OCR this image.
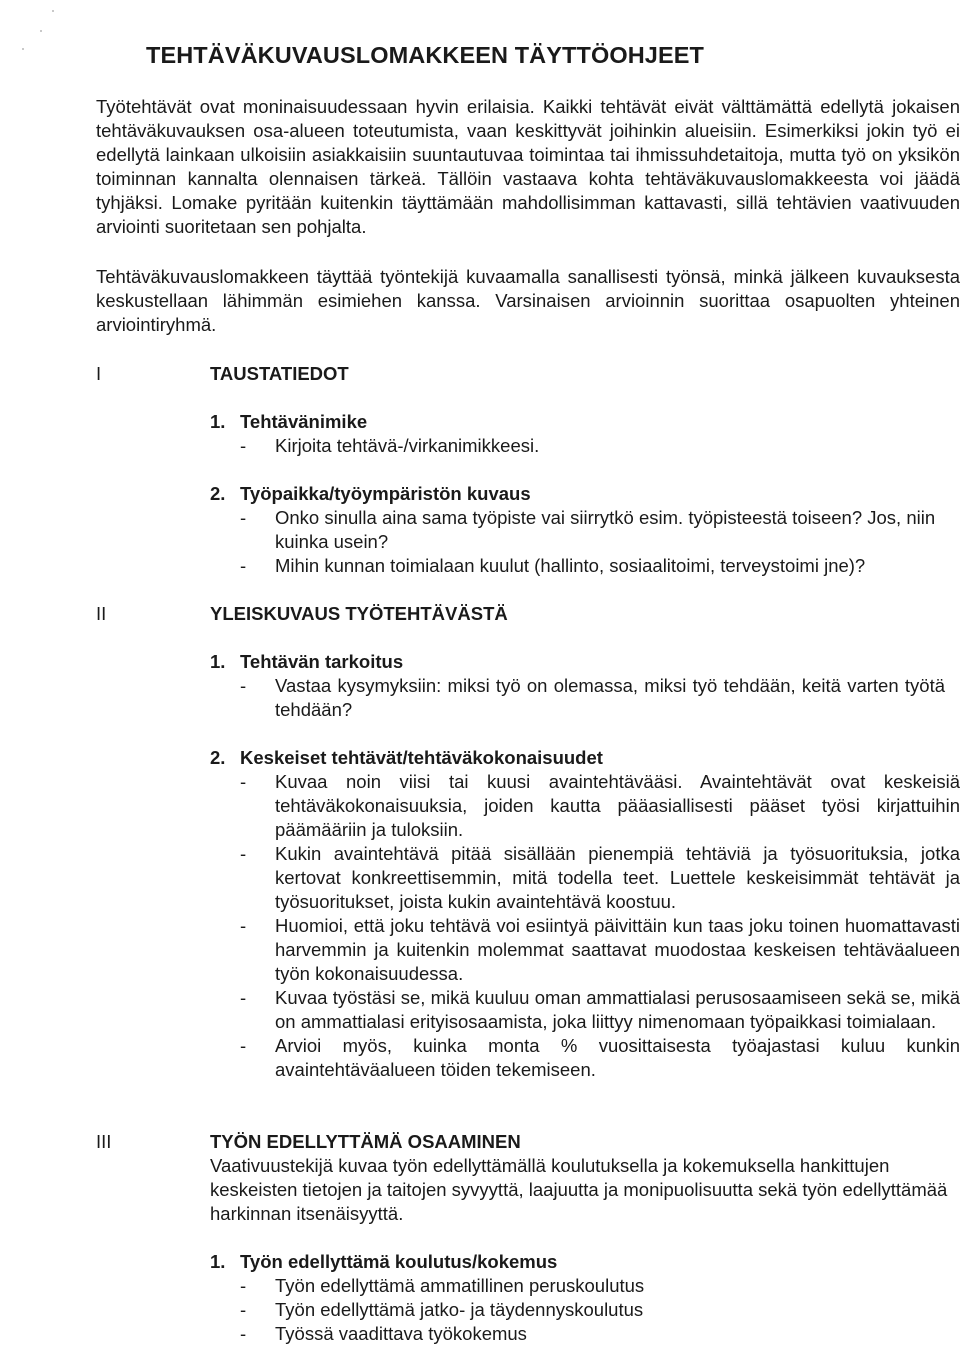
TEHTÄVÄKUVAUSLOMAKKEEN TÄYTTÖOHJEET

Työtehtävät ovat moninaisuudessaan hyvin erilaisia. Kaikki tehtävät eivät välttämättä edellytä jokaisen tehtäväkuvauksen osa-alueen toteutumista, vaan keskittyvät joihinkin alueisiin. Esimerkiksi jokin työ ei edellytä lainkaan ulkoisiin asiakkaisiin suuntautuvaa toimintaa tai ihmissuhdetaitoja, mutta työ on yksikön toiminnan kannalta olennaisen tärkeä. Tällöin vastaava kohta tehtäväkuvauslomakkeesta voi jäädä tyhjäksi. Lomake pyritään kuitenkin täyttämään mahdollisimman kattavasti, sillä tehtävien vaativuuden arviointi suoritetaan sen pohjalta.

Tehtäväkuvauslomakkeen täyttää työntekijä kuvaamalla sanallisesti työnsä, minkä jälkeen kuvauksesta keskustellaan lähimmän esimiehen kanssa. Varsinaisen arvioinnin suorittaa osapuolten yhteinen arviointiryhmä.

I	TAUSTATIEDOT

1. Tehtävänimike

- Kirjoita tehtävä-/virkanimikkeesi.

2. Työpaikka/työympäristön kuvaus

- Onko sinulla aina sama työpiste vai siirrytkö esim. työpisteestä toiseen? Jos, niin kuinka usein?
- Mihin kunnan toimialaan kuulut (hallinto, sosiaalitoimi, terveystoimi jne)?

II	YLEISKUVAUS TYÖTEHTÄVÄSTÄ

1. Tehtävän tarkoitus

- Vastaa kysymyksiin: miksi työ on olemassa, miksi työ tehdään, keitä varten työtä tehdään?

2. Keskeiset tehtävät/tehtäväkokonaisuudet

- Kuvaa noin viisi tai kuusi avaintehtävääsi. Avaintehtävät ovat keskeisiä tehtäväkokonaisuuksia, joiden kautta pääasiallisesti pääset työsi kirjattuihin päämääriin ja tuloksiin.
- Kukin avaintehtävä pitää sisällään pienempiä tehtäviä ja työsuorituksia, jotka kertovat konkreettisemmin, mitä todella teet. Luettele keskeisimmät tehtävät ja työsuoritukset, joista kukin avaintehtävä koostuu.
- Huomioi, että joku tehtävä voi esiintyä päivittäin kun taas joku toinen huomattavasti harvemmin ja kuitenkin molemmat saattavat muodostaa keskeisen tehtäväalueen työn kokonaisuudessa.
- Kuvaa työstäsi se, mikä kuuluu oman ammattialasi perusosaamiseen sekä se, mikä on ammattialasi erityisosaamista, joka liittyy nimenomaan työpaikkasi toimialaan.
- Arvioi myös, kuinka monta % vuosittaisesta työajastasi kuluu kunkin avaintehtäväalueen töiden tekemiseen.

III	TYÖN EDELLYTTÄMÄ OSAAMINEN

Vaativuustekijä kuvaa työn edellyttämällä koulutuksella ja kokemuksella hankittujen keskeisten tietojen ja taitojen syvyyttä, laajuutta ja monipuolisuutta sekä työn edellyttämää harkinnan itsenäisyyttä.

1. Työn edellyttämä koulutus/kokemus

- Työn edellyttämä ammatillinen peruskoulutus
- Työn edellyttämä jatko- ja täydennyskoulutus
- Työssä vaadittava työkokemus
